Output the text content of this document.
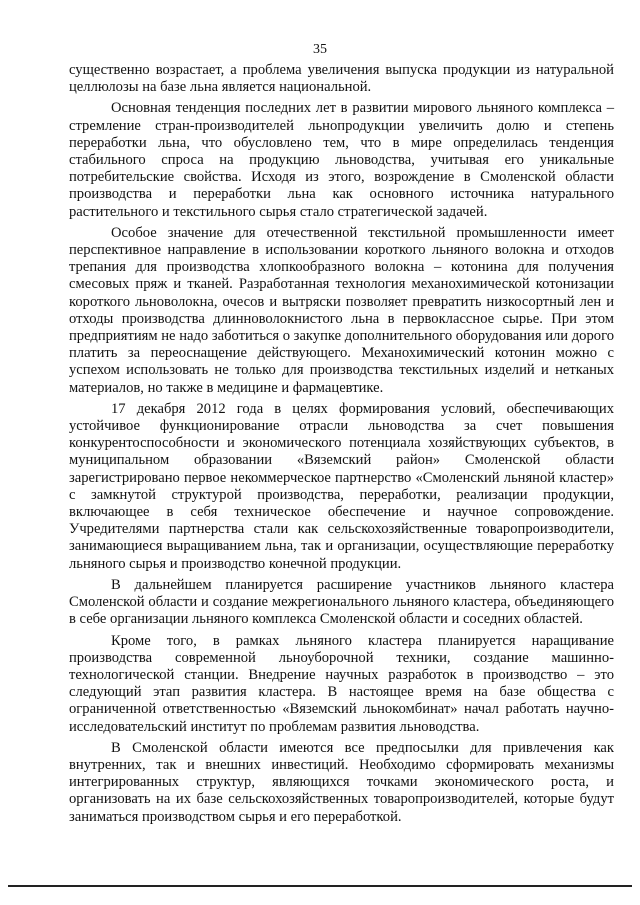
35

существенно возрастает, а проблема увеличения выпуска продукции из натуральной целлюлозы на базе льна является национальной.

Основная тенденция последних лет в развитии мирового льняного комплекса – стремление стран-производителей льнопродукции увеличить долю и степень переработки льна, что обусловлено тем, что в мире определилась тенденция стабильного спроса на продукцию льноводства, учитывая его уникальные потребительские свойства. Исходя из этого, возрождение в Смоленской области производства и переработки льна как основного источника натурального растительного и текстильного сырья стало стратегической задачей.

Особое значение для отечественной текстильной промышленности имеет перспективное направление в использовании короткого льняного волокна и отходов трепания для производства хлопкообразного волокна – котонина для получения смесовых пряж и тканей. Разработанная технология механохимической котонизации короткого льноволокна, очесов и вытряски позволяет превратить низкосортный лен и отходы производства длинноволокнистого льна в первоклассное сырье. При этом предприятиям не надо заботиться о закупке дополнительного оборудования или дорого платить за переоснащение действующего. Механохимический котонин можно с успехом использовать не только для производства текстильных изделий и нетканых материалов, но также в медицине и фармацевтике.

17 декабря 2012 года в целях формирования условий, обеспечивающих устойчивое функционирование отрасли льноводства за счет повышения конкурентоспособности и экономического потенциала хозяйствующих субъектов, в муниципальном образовании «Вяземский район» Смоленской области зарегистрировано первое некоммерческое партнерство «Смоленский льняной кластер» с замкнутой структурой производства, переработки, реализации продукции, включающее в себя техническое обеспечение и научное сопровождение. Учредителями партнерства стали как сельскохозяйственные товаропроизводители, занимающиеся выращиванием льна, так и организации, осуществляющие переработку льняного сырья и производство конечной продукции.

В дальнейшем планируется расширение участников льняного кластера Смоленской области и создание межрегионального льняного кластера, объединяющего в себе организации льняного комплекса Смоленской области и соседних областей.

Кроме того, в рамках льняного кластера планируется наращивание производства современной льноуборочной техники, создание машинно-технологической станции. Внедрение научных разработок в производство – это следующий этап развития кластера. В настоящее время на базе общества с ограниченной ответственностью «Вяземский льнокомбинат» начал работать научно-исследовательский институт по проблемам развития льноводства.

В Смоленской области имеются все предпосылки для привлечения как внутренних, так и внешних инвестиций. Необходимо сформировать механизмы интегрированных структур, являющихся точками экономического роста, и организовать на их базе сельскохозяйственных товаропроизводителей, которые будут заниматься производством сырья и его переработкой.
